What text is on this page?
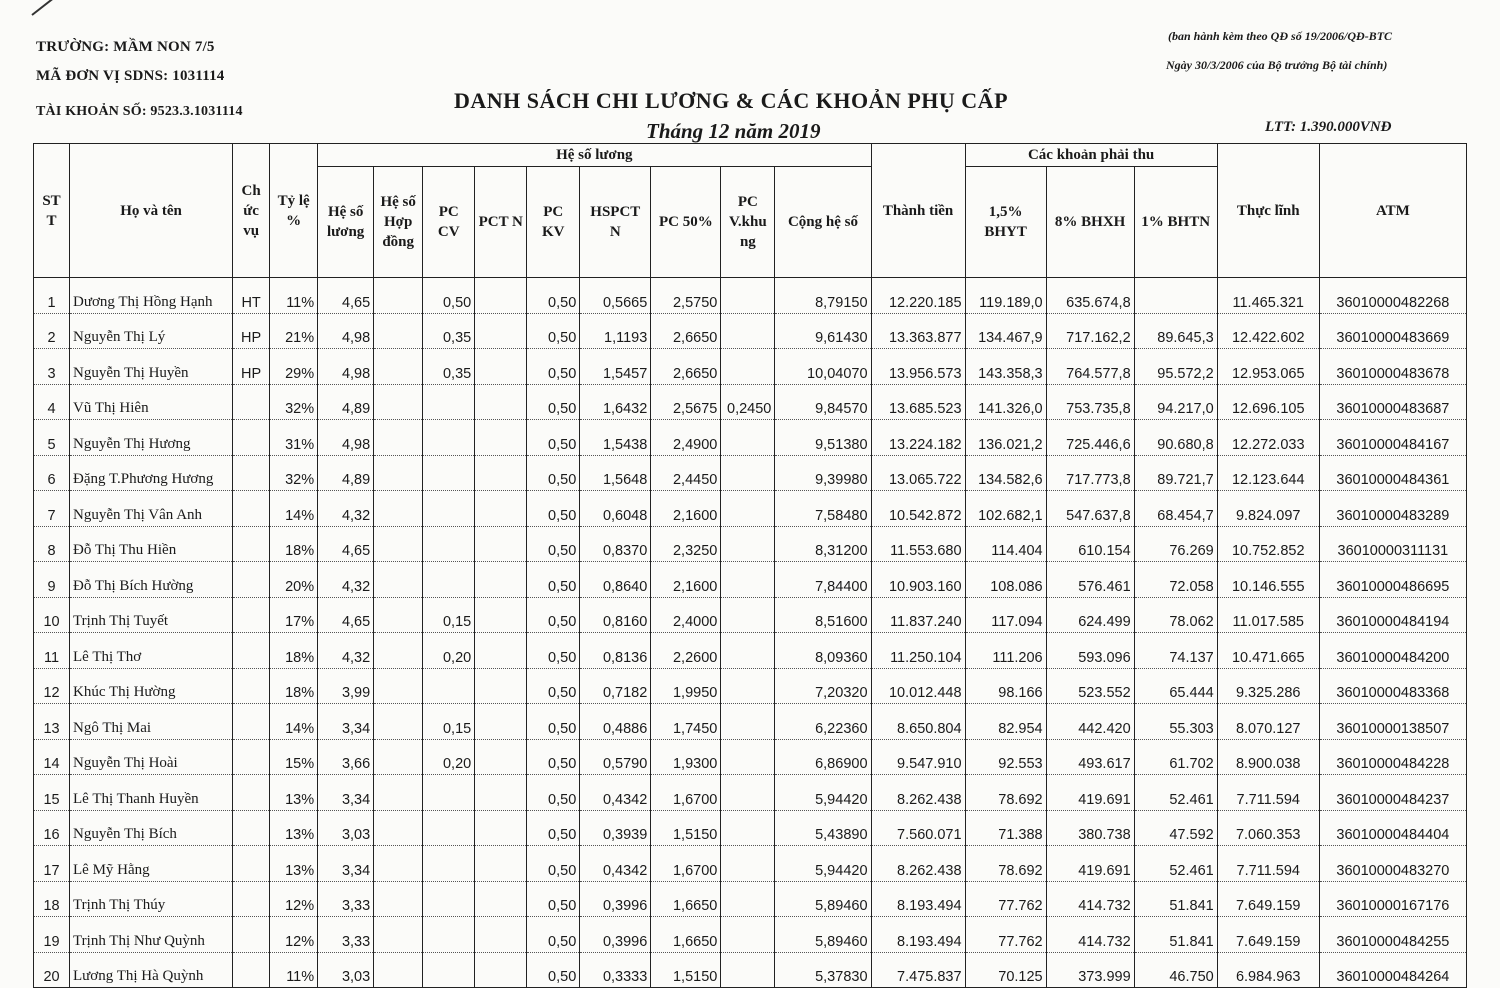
TRƯỜNG: MẦM NON 7/5
MÃ ĐƠN VỊ SDNS: 1031114
TÀI KHOẢN SỐ: 9523.3.1031114
(ban hành kèm theo QĐ số 19/2006/QĐ-BTC
Ngày 30/3/2006 của Bộ trưởng Bộ tài chính)
DANH SÁCH CHI LƯƠNG & CÁC KHOẢN PHỤ CẤP
Tháng 12 năm 2019	LTT: 1.390.000VNĐ
ST T	Họ và tên	Ch ức vụ	Tỷ lệ %	Hệ số lương									Thành tiền	Các khoản phải thu			Thực lĩnh	ATM
				Hệ số lương	Hệ số Hợp đồng	PC CV	PCT N	PC KV	HSPCT N	PC 50%	PC V.khu ng	Cộng hệ số		1,5% BHYT	8% BHXH	1% BHTN		
1	Dương Thị Hồng Hạnh	HT	11%	4,65		0,50		0,50	0,5665	2,5750		8,79150	12.220.185	119.189,0	635.674,8		11.465.321	36010000482268
2	Nguyễn Thị Lý	HP	21%	4,98		0,35		0,50	1,1193	2,6650		9,61430	13.363.877	134.467,9	717.162,2	89.645,3	12.422.602	36010000483669
3	Nguyễn Thị Huyền	HP	29%	4,98		0,35		0,50	1,5457	2,6650		10,04070	13.956.573	143.358,3	764.577,8	95.572,2	12.953.065	36010000483678
4	Vũ Thị Hiên		32%	4,89				0,50	1,6432	2,5675	0,2450	9,84570	13.685.523	141.326,0	753.735,8	94.217,0	12.696.105	36010000483687
5	Nguyễn Thị Hương		31%	4,98				0,50	1,5438	2,4900		9,51380	13.224.182	136.021,2	725.446,6	90.680,8	12.272.033	36010000484167
6	Đặng T.Phương Hương		32%	4,89				0,50	1,5648	2,4450		9,39980	13.065.722	134.582,6	717.773,8	89.721,7	12.123.644	36010000484361
7	Nguyễn Thị Vân Anh		14%	4,32				0,50	0,6048	2,1600		7,58480	10.542.872	102.682,1	547.637,8	68.454,7	9.824.097	36010000483289
8	Đỗ Thị Thu Hiền		18%	4,65				0,50	0,8370	2,3250		8,31200	11.553.680	114.404	610.154	76.269	10.752.852	36010000311131
9	Đỗ Thị Bích Hường		20%	4,32				0,50	0,8640	2,1600		7,84400	10.903.160	108.086	576.461	72.058	10.146.555	36010000486695
10	Trịnh Thị Tuyết		17%	4,65		0,15		0,50	0,8160	2,4000		8,51600	11.837.240	117.094	624.499	78.062	11.017.585	36010000484194
11	Lê Thị Thơ		18%	4,32		0,20		0,50	0,8136	2,2600		8,09360	11.250.104	111.206	593.096	74.137	10.471.665	36010000484200
12	Khúc Thị Hường		18%	3,99				0,50	0,7182	1,9950		7,20320	10.012.448	98.166	523.552	65.444	9.325.286	36010000483368
13	Ngô Thị Mai		14%	3,34		0,15		0,50	0,4886	1,7450		6,22360	8.650.804	82.954	442.420	55.303	8.070.127	36010000138507
14	Nguyễn Thị Hoài		15%	3,66		0,20		0,50	0,5790	1,9300		6,86900	9.547.910	92.553	493.617	61.702	8.900.038	36010000484228
15	Lê Thị Thanh Huyền		13%	3,34				0,50	0,4342	1,6700		5,94420	8.262.438	78.692	419.691	52.461	7.711.594	36010000484237
16	Nguyễn Thị Bích		13%	3,03				0,50	0,3939	1,5150		5,43890	7.560.071	71.388	380.738	47.592	7.060.353	36010000484404
17	Lê Mỹ Hằng		13%	3,34				0,50	0,4342	1,6700		5,94420	8.262.438	78.692	419.691	52.461	7.711.594	36010000483270
18	Trịnh Thị Thúy		12%	3,33				0,50	0,3996	1,6650		5,89460	8.193.494	77.762	414.732	51.841	7.649.159	36010000167176
19	Trịnh Thị Như Quỳnh		12%	3,33				0,50	0,3996	1,6650		5,89460	8.193.494	77.762	414.732	51.841	7.649.159	36010000484255
20	Lương Thị Hà Quỳnh		11%	3,03				0,50	0,3333	1,5150		5,37830	7.475.837	70.125	373.999	46.750	6.984.963	36010000484264
